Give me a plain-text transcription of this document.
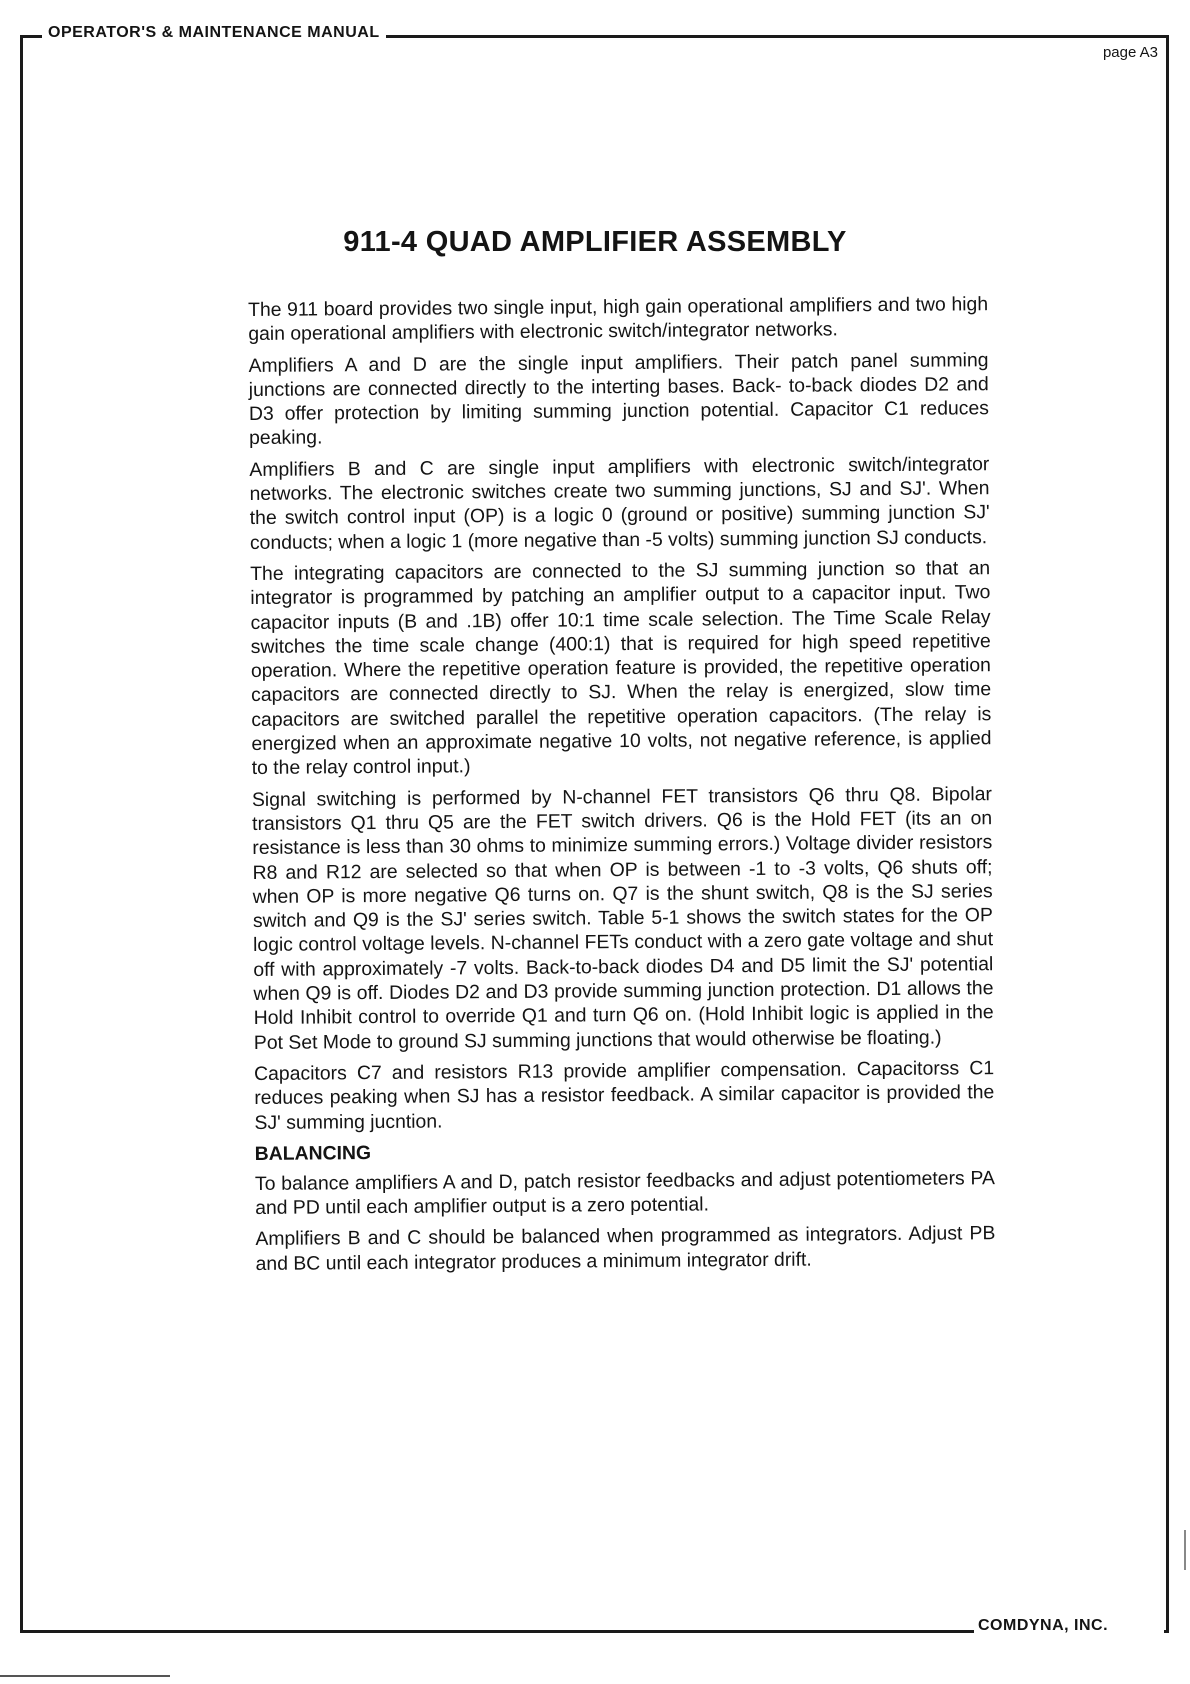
OPERATOR'S & MAINTENANCE MANUAL
page A3
911-4 QUAD AMPLIFIER ASSEMBLY

The 911 board provides two single input, high gain operational amplifiers and two high gain operational amplifiers with electronic switch/integrator networks.

Amplifiers A and D are the single input amplifiers. Their patch panel summing junctions are connected directly to the interting bases. Back- to-back diodes D2 and D3 offer protection by limiting summing junction potential. Capacitor C1 reduces peaking.

Amplifiers B and C are single input amplifiers with electronic switch/integrator networks. The electronic switches create two summing junctions, SJ and SJ'. When the switch control input (OP) is a logic 0 (ground or positive) summing junction SJ' conducts; when a logic 1 (more negative than -5 volts) summing junction SJ conducts.

The integrating capacitors are connected to the SJ summing junction so that an integrator is programmed by patching an amplifier output to a capacitor input. Two capacitor inputs (B and .1B) offer 10:1 time scale selection. The Time Scale Relay switches the time scale change (400:1) that is required for high speed repetitive operation. Where the repetitive operation feature is provided, the repetitive operation capacitors are connected directly to SJ. When the relay is energized, slow time capacitors are switched parallel the repetitive operation capacitors. (The relay is energized when an approximate negative 10 volts, not negative reference, is applied to the relay control input.)

Signal switching is performed by N-channel FET transistors Q6 thru Q8. Bipolar transistors Q1 thru Q5 are the FET switch drivers. Q6 is the Hold FET (its an on resistance is less than 30 ohms to minimize summing errors.) Voltage divider resistors R8 and R12 are selected so that when OP is between -1 to -3 volts, Q6 shuts off; when OP is more negative Q6 turns on. Q7 is the shunt switch, Q8 is the SJ series switch and Q9 is the SJ' series switch. Table 5-1 shows the switch states for the OP logic control voltage levels. N-channel FETs conduct with a zero gate voltage and shut off with approximately -7 volts. Back-to-back diodes D4 and D5 limit the SJ' potential when Q9 is off. Diodes D2 and D3 provide summing junction protection. D1 allows the Hold Inhibit control to override Q1 and turn Q6 on. (Hold Inhibit logic is applied in the Pot Set Mode to ground SJ summing junctions that would otherwise be floating.)

Capacitors C7 and resistors R13 provide amplifier compensation. Capacitorss C1 reduces peaking when SJ has a resistor feedback. A similar capacitor is provided the SJ' summing jucntion.

BALANCING

To balance amplifiers A and D, patch resistor feedbacks and adjust potentiometers PA and PD until each amplifier output is a zero potential.

Amplifiers B and C should be balanced when programmed as integrators. Adjust PB and BC until each integrator produces a minimum integrator drift.

COMDYNA, INC.
